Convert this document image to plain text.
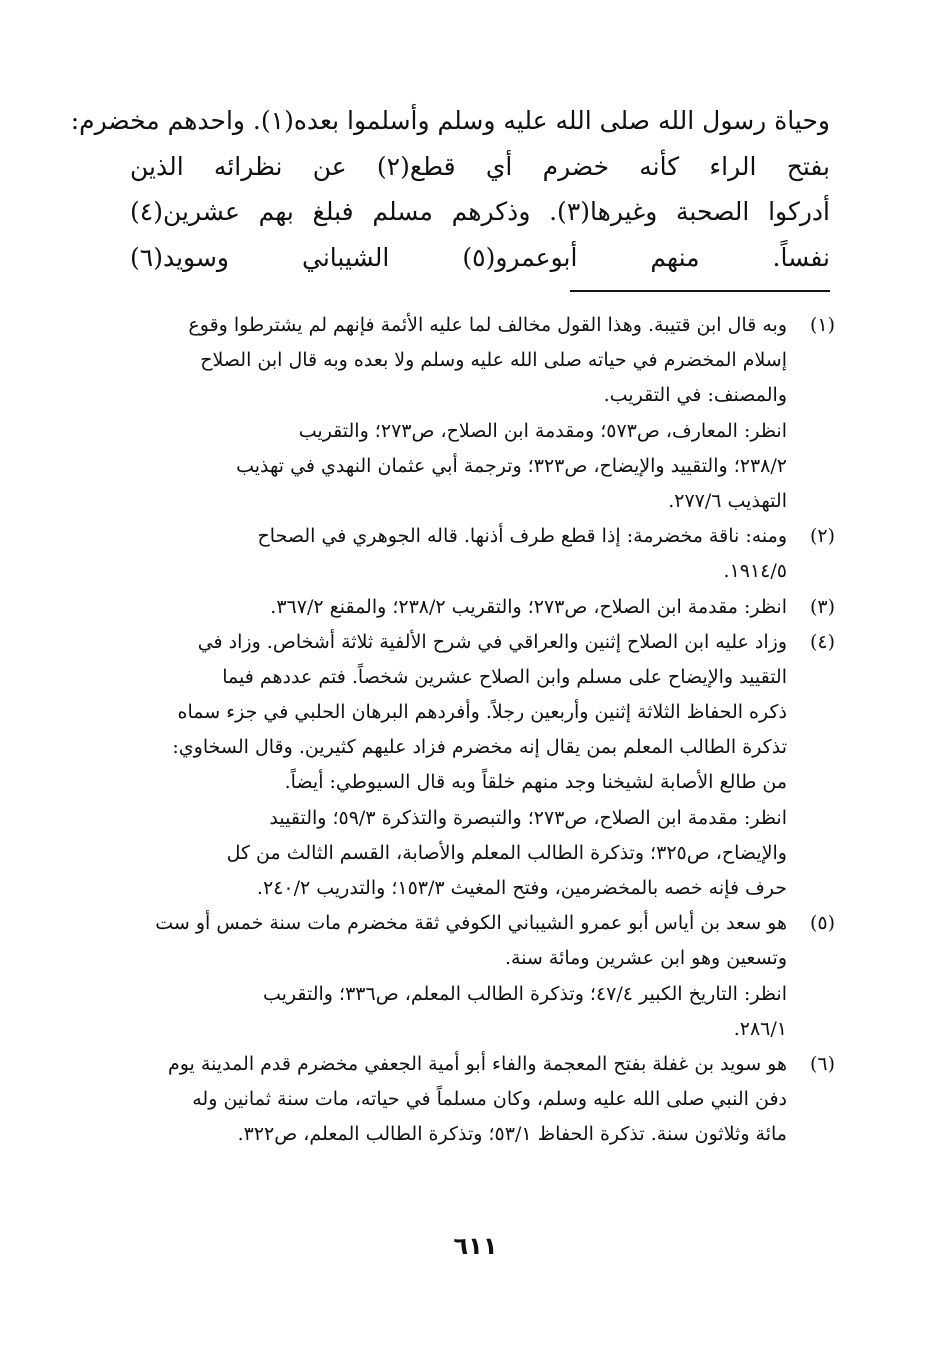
وحياة رسول الله صلى الله عليه وسلم وأسلموا بعده(١). واحدهم مخضرم:
بفتح الراء كأنه خضرم أي قطع(٢) عن نظرائه الذين
أدركوا الصحبة وغيرها(٣). وذكرهم مسلم فبلغ بهم عشرين(٤)
نفساً. منهم أبوعمرو(٥) الشيباني وسويد(٦)
(١)
وبه قال ابن قتيبة. وهذا القول مخالف لما عليه الأئمة فإنهم لم يشترطوا وقوع
إسلام المخضرم في حياته صلى الله عليه وسلم ولا بعده وبه قال ابن الصلاح
والمصنف: في التقريب.
انظر: المعارف، ص٥٧٣؛ ومقدمة ابن الصلاح، ص٢٧٣؛ والتقريب
٢٣٨/٢؛ والتقييد والإيضاح، ص٣٢٣؛ وترجمة أبي عثمان النهدي في تهذيب
التهذيب ٢٧٧/٦.
(٢)
ومنه: ناقة مخضرمة: إذا قطع طرف أذنها. قاله الجوهري في الصحاح
١٩١٤/٥.
(٣)
انظر: مقدمة ابن الصلاح، ص٢٧٣؛ والتقريب ٢٣٨/٢؛ والمقنع ٣٦٧/٢.
(٤)
وزاد عليه ابن الصلاح إثنين والعراقي في شرح الألفية ثلاثة أشخاص. وزاد في
التقييد والإيضاح على مسلم وابن الصلاح عشرين شخصاً. فتم عددهم فيما
ذكره الحفاظ الثلاثة إثنين وأربعين رجلاً. وأفردهم البرهان الحلبي في جزء سماه
تذكرة الطالب المعلم بمن يقال إنه مخضرم فزاد عليهم كثيرين. وقال السخاوي:
من طالع الأصابة لشيخنا وجد منهم خلقاً وبه قال السيوطي: أيضاً.
انظر: مقدمة ابن الصلاح، ص٢٧٣؛ والتبصرة والتذكرة ٥٩/٣؛ والتقييد
والإيضاح، ص٣٢٥؛ وتذكرة الطالب المعلم والأصابة، القسم الثالث من كل
حرف فإنه خصه بالمخضرمين، وفتح المغيث ١٥٣/٣؛ والتدريب ٢٤٠/٢.
(٥)
هو سعد بن أياس أبو عمرو الشيباني الكوفي ثقة مخضرم مات سنة خمس أو ست
وتسعين وهو ابن عشرين ومائة سنة.
انظر: التاريخ الكبير ٤٧/٤؛ وتذكرة الطالب المعلم، ص٣٣٦؛ والتقريب
٢٨٦/١.
(٦)
هو سويد بن غفلة بفتح المعجمة والفاء أبو أمية الجعفي مخضرم قدم المدينة يوم
دفن النبي صلى الله عليه وسلم، وكان مسلماً في حياته، مات سنة ثمانين وله
مائة وثلاثون سنة. تذكرة الحفاظ ٥٣/١؛ وتذكرة الطالب المعلم، ص٣٢٢.
٦١١
